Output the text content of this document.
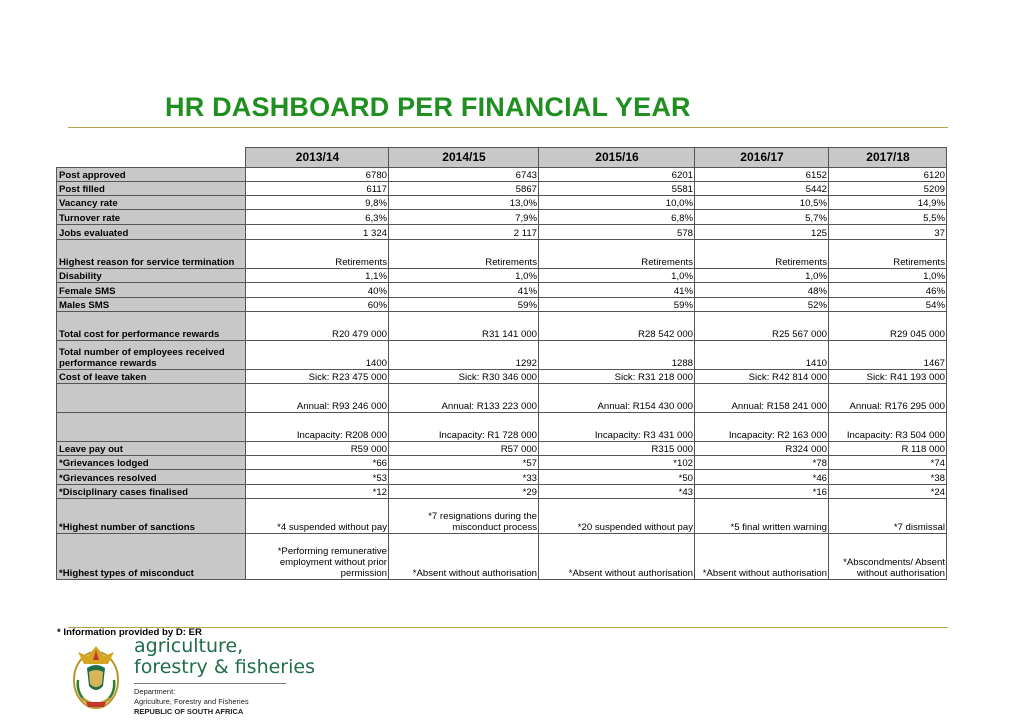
HR DASHBOARD PER FINANCIAL YEAR
	2013/14	2014/15	2015/16	2016/17	2017/18
Post approved	6780	6743	6201	6152	6120
Post filled	6117	5867	5581	5442	5209
Vacancy rate	9,8%	13,0%	10,0%	10,5%	14,9%
Turnover rate	6,3%	7,9%	6,8%	5,7%	5,5%
Jobs evaluated	1 324	2 117	578	125	37
Highest reason for service termination	Retirements	Retirements	Retirements	Retirements	Retirements
Disability	1,1%	1,0%	1,0%	1,0%	1,0%
Female SMS	40%	41%	41%	48%	46%
Males SMS	60%	59%	59%	52%	54%
Total cost for performance rewards	R20 479 000	R31 141 000	R28 542 000	R25 567 000	R29 045 000
Total number of employees received performance rewards	1400	1292	1288	1410	1467
Cost of leave taken	Sick: R23 475 000	Sick: R30 346 000	Sick: R31 218 000	Sick: R42 814 000	Sick: R41 193 000
	Annual: R93 246 000	Annual: R133 223 000	Annual: R154 430 000	Annual: R158 241 000	Annual: R176 295 000
	Incapacity: R208 000	Incapacity: R1 728 000	Incapacity: R3 431 000	Incapacity: R2 163 000	Incapacity: R3 504 000
Leave pay out	R59 000	R57 000	R315 000	R324 000	R 118 000
*Grievances lodged	*66	*57	*102	*78	*74
*Grievances resolved	*53	*33	*50	*46	*38
*Disciplinary cases finalised	*12	*29	*43	*16	*24
*Highest number of sanctions	*4 suspended without pay	*7 resignations during the misconduct process	*20 suspended without pay	*5 final written warning	*7 dismissal
*Highest types of misconduct	*Performing remunerative employment without prior permission	*Absent without authorisation	*Absent without authorisation	*Absent without authorisation	*Abscondments/ Absent without authorisation
* Information provided by D: ER
agriculture,
forestry & fisheries
Department:
Agriculture, Forestry and Fisheries
REPUBLIC OF SOUTH AFRICA
